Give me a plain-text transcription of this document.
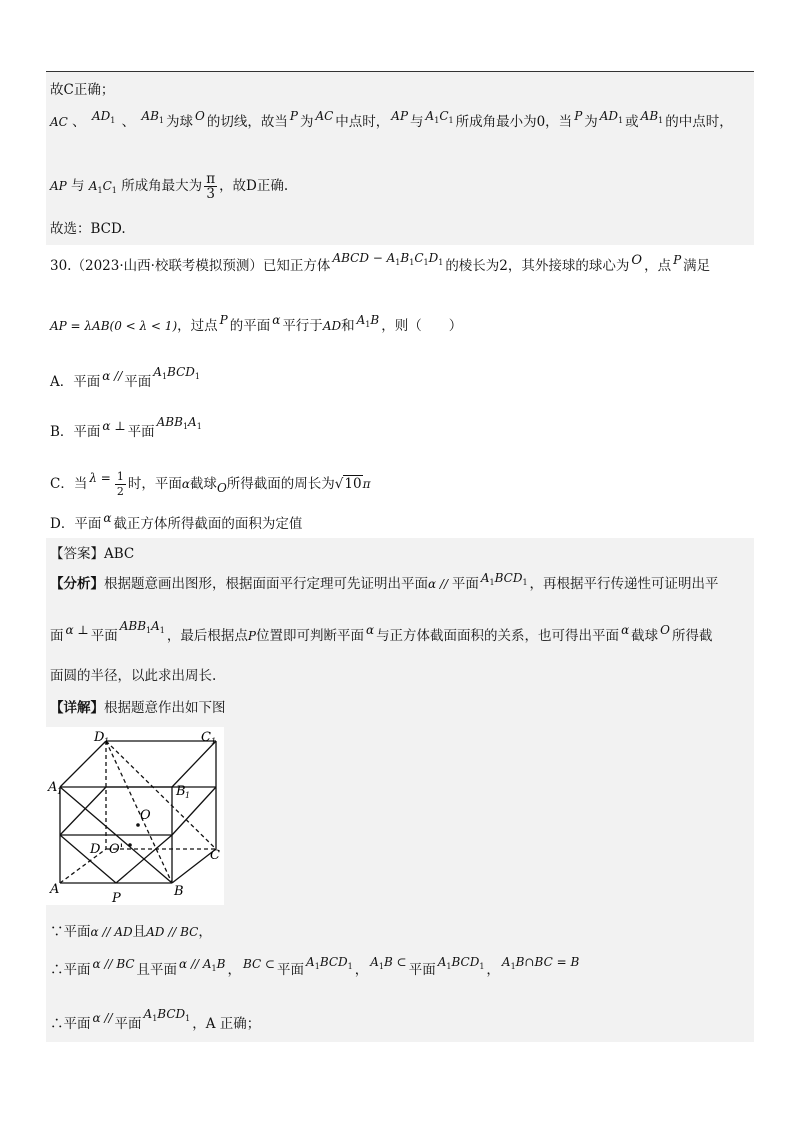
故C正确；
AC 、 $AD_1$ 、 $AB_1$ 为球 O 的切线，故当 P 为 AC 中点时， AP 与 $A_1C_1$ 所成角最小为0，当 P 为 $AD_1$ 或 $AB_1$ 的中点时，
AP 与 $A_1C_1$ 所成角最大为 $\frac{\pi}{3}$ ，故D正确.
故选：BCD.
30.（2023·山西·校联考模拟预测）已知正方体 ABCD − $A_1B_1C_1D_1$ 的棱长为2，其外接球的球心为 O ，点 P 满足
AP = λAB(0 < λ < 1)，过点 P 的平面 α 平行于AD和 $A_1B$ ，则（　　）
A．平面 α // 平面$A_1BCD_1$
B．平面 α ⊥ 平面$ABB_1A_1$
C．当 $\lambda = \frac{1}{2}$ 时，平面α截球O所得截面的周长为√10π
D．平面 α 截正方体所得截面的面积为定值
【答案】ABC
【分析】根据题意画出图形，根据面面平行定理可先证明出平面α // 平面 $A_1BCD_1$ ，再根据平行传递性可证明出平
面 α ⊥ 平面$ABB_1A_1$ ，最后根据点P位置即可判断平面 α 与正方体截面面积的关系，也可得出平面 α 截球 O 所得截
面圆的半径，以此求出周长.
【详解】根据题意作出如下图
D 1	C 1
A 1	B 1
O
D O'	C
A
P	B
∵平面α // AD且AD // BC，
∴平面 α // BC 且平面 α // $A_1B$ ， BC ⊂ 平面 $A_1BCD_1$ ， $A_1B$ ⊂ 平面 $A_1BCD_1$ ， $A_1B\cap BC = B$
∴平面 α // 平面$A_1BCD_1$ ，A 正确；
